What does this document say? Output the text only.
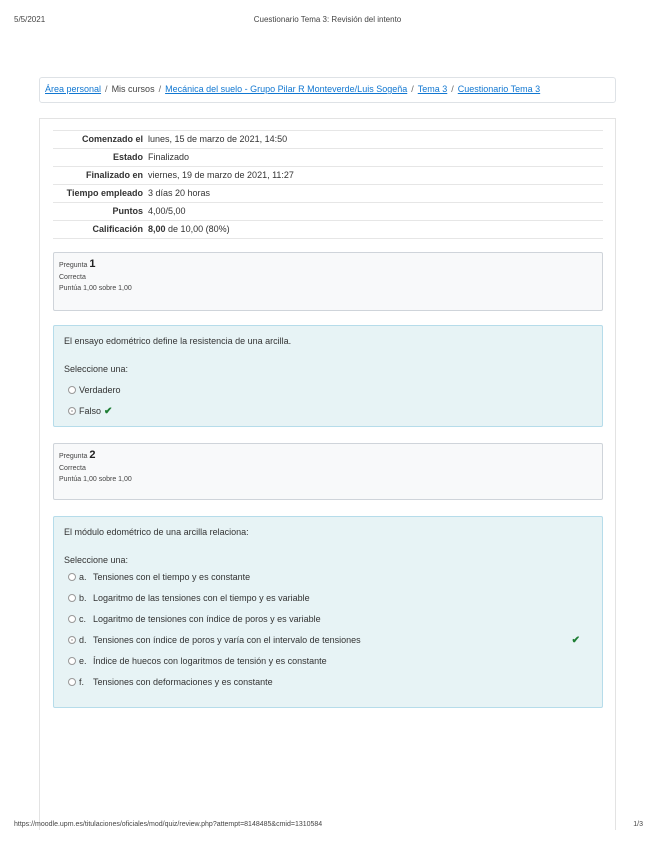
5/5/2021	Cuestionario Tema 3: Revisión del intento
Área personal / Mis cursos / Mecánica del suelo - Grupo Pilar R Monteverde/Luis Sogeña / Tema 3 / Cuestionario Tema 3
Comenzado el	lunes, 15 de marzo de 2021, 14:50
Estado	Finalizado
Finalizado en	viernes, 19 de marzo de 2021, 11:27
Tiempo empleado	3 días 20 horas
Puntos	4,00/5,00
Calificación	8,00 de 10,00 (80%)
Pregunta 1
Correcta
Puntúa 1,00 sobre 1,00
El ensayo edométrico define la resistencia de una arcilla.
Seleccione una:
Verdadero
Falso ✔
Pregunta 2
Correcta
Puntúa 1,00 sobre 1,00
El módulo edométrico de una arcilla relaciona:
Seleccione una:
a. Tensiones con el tiempo y es constante
b. Logaritmo de las tensiones con el tiempo y es variable
c. Logaritmo de tensiones con índice de poros y es variable
d. Tensiones con índice de poros y varía con el intervalo de tensiones	✔
e. Índice de huecos con logaritmos de tensión y es constante
f. Tensiones con deformaciones y es constante
https://moodle.upm.es/titulaciones/oficiales/mod/quiz/review.php?attempt=8148485&cmid=1310584	1/3
